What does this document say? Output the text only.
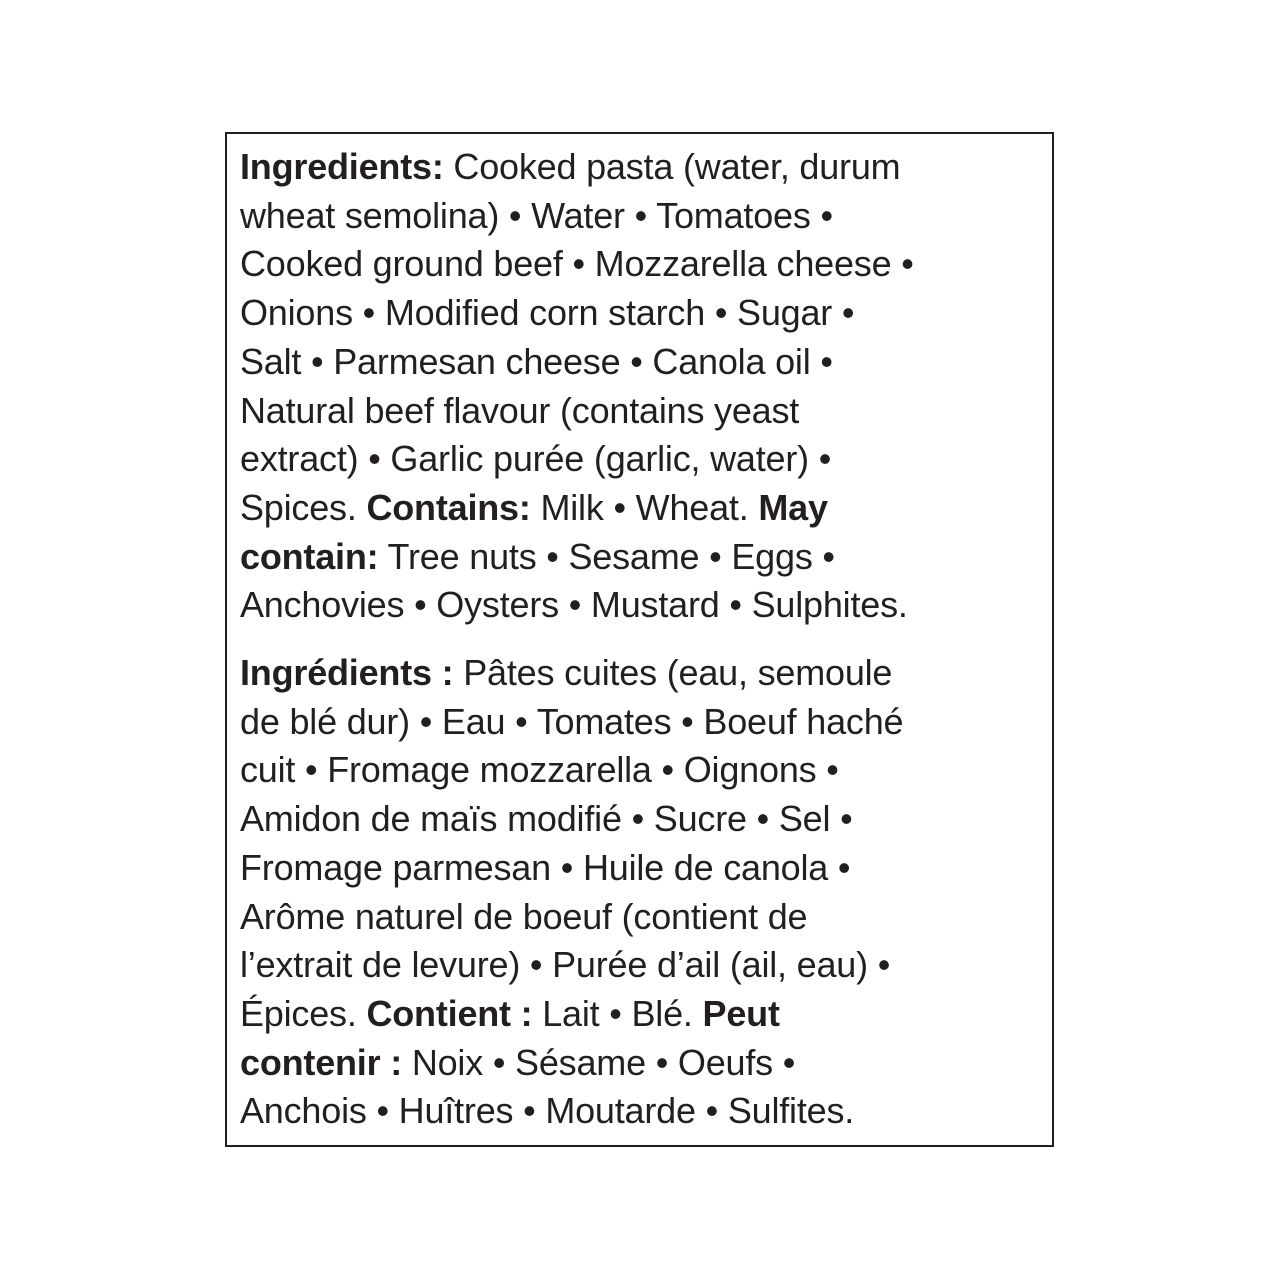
Ingredients: Cooked pasta (water, durum
wheat semolina) • Water • Tomatoes •
Cooked ground beef • Mozzarella cheese •
Onions • Modified corn starch • Sugar •
Salt • Parmesan cheese • Canola oil •
Natural beef flavour (contains yeast
extract) • Garlic purée (garlic, water) •
Spices. Contains: Milk • Wheat. May
contain: Tree nuts • Sesame • Eggs •
Anchovies • Oysters • Mustard • Sulphites.
Ingrédients : Pâtes cuites (eau, semoule
de blé dur) • Eau • Tomates • Boeuf haché
cuit • Fromage mozzarella • Oignons •
Amidon de maïs modifié • Sucre • Sel •
Fromage parmesan • Huile de canola •
Arôme naturel de boeuf (contient de
l’extrait de levure) • Purée d’ail (ail, eau) •
Épices. Contient : Lait • Blé. Peut
contenir : Noix • Sésame • Oeufs •
Anchois • Huîtres • Moutarde • Sulfites.
